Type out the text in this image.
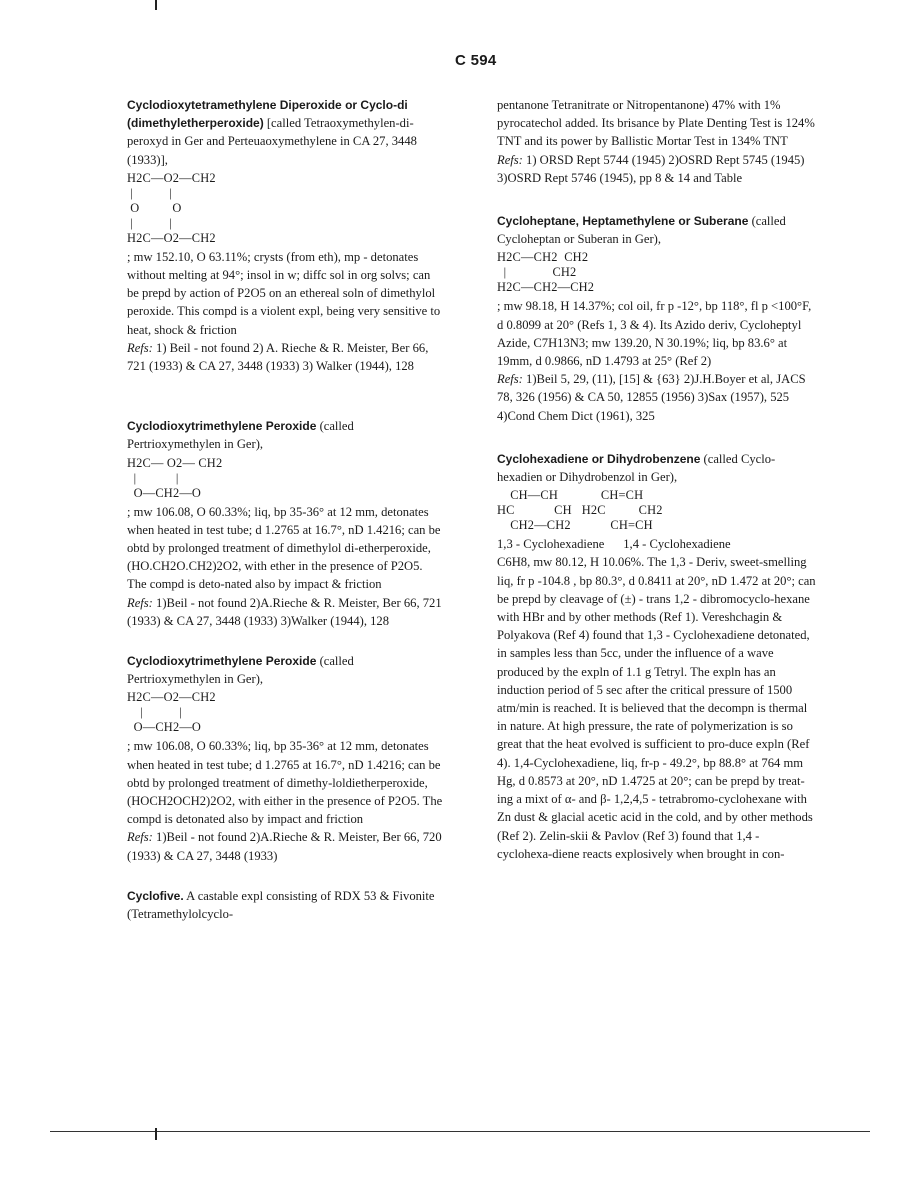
C 594

Cyclodioxytetramethylene Diperoxide or Cyclo-di (dimethyletherperoxide) [called Tetraoxymethylen-di-peroxyd in Ger and Perteuaoxymethylene in CA 27, 3448 (1933)],

H2C—O2—CH2
|           |
O          O
|           |
H2C—O2—CH2

; mw 152.10, O 63.11%; crysts (from eth), mp - detonates without melting at 94°; insol in w; diffc sol in org solvs; can be prepd by action of P2O5 on an ethereal soln of dimethylol peroxide. This compd is a violent expl, being very sensitive to heat, shock & friction

Refs: 1) Beil - not found 2) A. Rieche & R. Meister, Ber 66, 721 (1933) & CA 27, 3448 (1933) 3) Walker (1944), 128

Cyclodioxytrimethylene Peroxide (called Pertrioxymethylen in Ger),

H2C— O2— CH2
|            |
O—CH2—O

; mw 106.08, O 60.33%; liq, bp 35-36° at 12 mm, detonates when heated in test tube; d 1.2765 at 16.7°, nD 1.4216; can be obtd by prolonged treatment of dimethylol di-etherperoxide, (HO.CH2O.CH2)2O2, with ether in the presence of P2O5. The compd is deto-nated also by impact & friction

Refs: 1)Beil - not found 2)A.Rieche & R. Meister, Ber 66, 721 (1933) & CA 27, 3448 (1933) 3)Walker (1944), 128

Cyclodioxytrimethylene Peroxide (called Pertrioxymethylen in Ger),

H2C—O2—CH2
|           |
O—CH2—O

; mw 106.08, O 60.33%; liq, bp 35-36° at 12 mm, detonates when heated in test tube; d 1.2765 at 16.7°, nD 1.4216; can be obtd by prolonged treatment of dimethy-loldietherperoxide, (HOCH2OCH2)2O2, with either in the presence of P2O5. The compd is detonated also by impact and friction

Refs: 1)Beil - not found 2)A.Rieche & R. Meister, Ber 66, 720 (1933) & CA 27, 3448 (1933)

Cyclofive. A castable expl consisting of RDX 53 & Fivonite (Tetramethylolcyclo-

pentanone Tetranitrate or Nitropentanone) 47% with 1% pyrocatechol added. Its brisance by Plate Denting Test is 124% TNT and its power by Ballistic Mortar Test in 134% TNT

Refs: 1) ORSD Rept 5744 (1945) 2)OSRD Rept 5745 (1945) 3)OSRD Rept 5746 (1945), pp 8 & 14 and Table

Cycloheptane, Heptamethylene or Suberane (called Cycloheptan or Suberan in Ger),

H2C—CH2  CH2
|              CH2
H2C—CH2—CH2

; mw 98.18, H 14.37%; col oil, fr p -12°, bp 118°, fl p <100°F, d 0.8099 at 20° (Refs 1, 3 & 4). Its Azido deriv, Cycloheptyl Azide, C7H13N3; mw 139.20, N 30.19%; liq, bp 83.6° at 19mm, d 0.9866, nD 1.4793 at 25° (Ref 2)

Refs: 1)Beil 5, 29, (11), [15] & {63} 2)J.H.Boyer et al, JACS 78, 326 (1956) & CA 50, 12855 (1956) 3)Sax (1957), 525 4)Cond Chem Dict (1961), 325

Cyclohexadiene or Dihydrobenzene (called Cyclo-hexadien or Dihydrobenzol in Ger),

CH—CH             CH=CH
HC            CH   H2C          CH2
CH2—CH2            CH=CH
1,3 - Cyclohexadiene      1,4 - Cyclohexadiene

C6H8, mw 80.12, H 10.06%. The 1,3 - Deriv, sweet-smelling liq, fr p -104.8 , bp 80.3°, d 0.8411 at 20°, nD 1.472 at 20°; can be prepd by cleavage of (±) - trans 1,2 - dibromocyclo-hexane with HBr and by other methods (Ref 1). Vereshchagin & Polyakova (Ref 4) found that 1,3 - Cyclohexadiene detonated, in samples less than 5cc, under the influence of a wave produced by the expln of 1.1 g Tetryl. The expln has an induction period of 5 sec after the critical pressure of 1500 atm/min is reached. It is believed that the decompn is thermal in nature. At high pressure, the rate of polymerization is so great that the heat evolved is sufficient to pro-duce expln (Ref 4). 1,4-Cyclohexadiene, liq, fr-p - 49.2°, bp 88.8° at 764 mm Hg, d 0.8573 at 20°, nD 1.4725 at 20°; can be prepd by treat-ing a mixt of α- and β- 1,2,4,5 - tetrabromo-cyclohexane with Zn dust & glacial acetic acid in the cold, and by other methods (Ref 2). Zelin-skii & Pavlov (Ref 3) found that 1,4 - cyclohexa-diene reacts explosively when brought in con-
